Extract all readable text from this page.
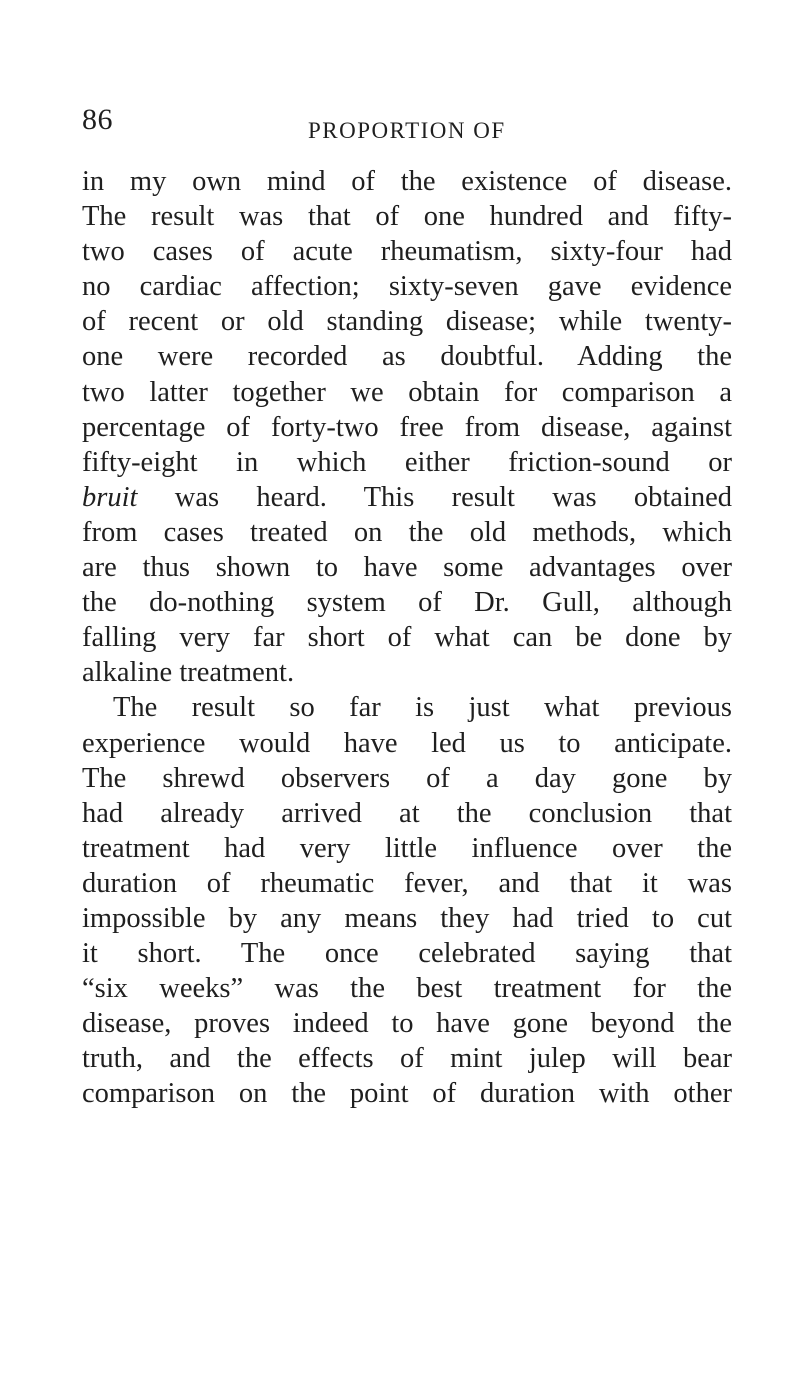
86	PROPORTION OF
in my own mind of the existence of disease.
The result was that of one hundred and fifty-
two cases of acute rheumatism, sixty-four had
no cardiac affection; sixty-seven gave evidence
of recent or old standing disease; while twenty-
one were recorded as doubtful. Adding the
two latter together we obtain for comparison a
percentage of forty-two free from disease, against
fifty-eight in which either friction-sound or
bruit was heard. This result was obtained
from cases treated on the old methods, which
are thus shown to have some advantages over
the do-nothing system of Dr. Gull, although
falling very far short of what can be done by
alkaline treatment.
The result so far is just what previous
experience would have led us to anticipate.
The shrewd observers of a day gone by
had already arrived at the conclusion that
treatment had very little influence over the
duration of rheumatic fever, and that it was
impossible by any means they had tried to cut
it short. The once celebrated saying that
“six weeks” was the best treatment for the
disease, proves indeed to have gone beyond the
truth, and the effects of mint julep will bear
comparison on the point of duration with other
